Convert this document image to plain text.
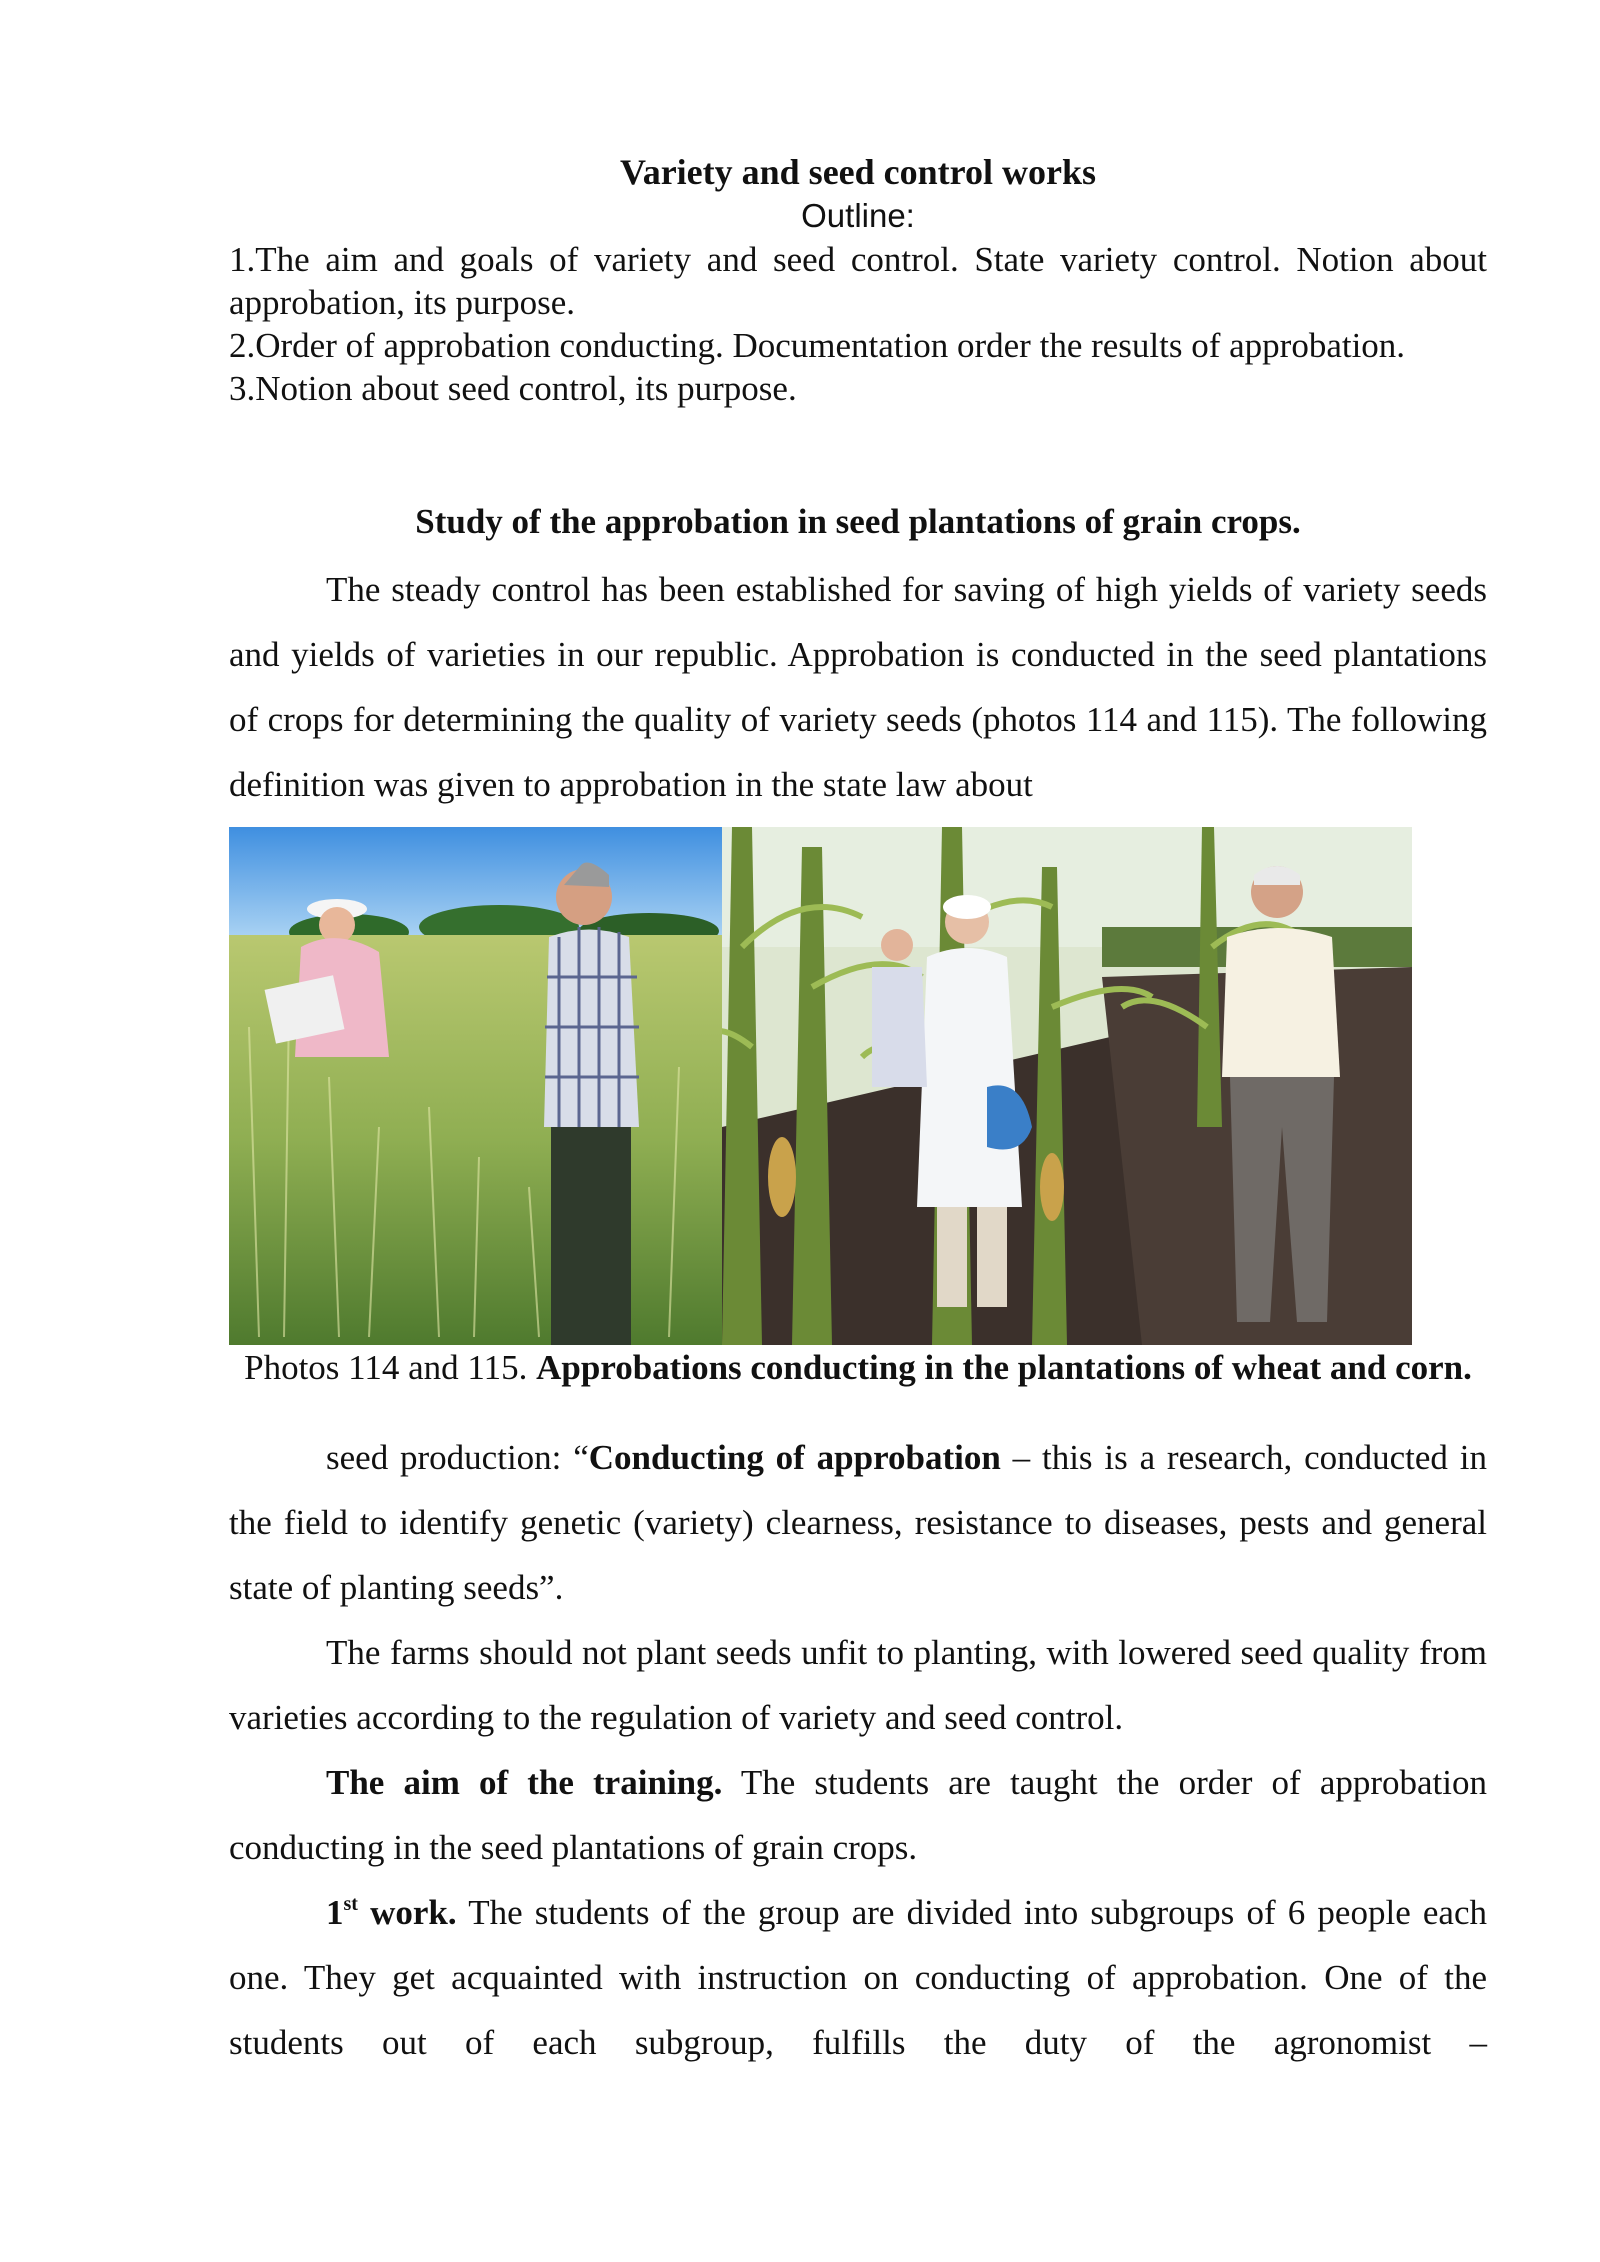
Variety and seed control works
Outline:

1.The aim and goals of variety and seed control. State variety control. Notion about approbation, its purpose.

2.Order of approbation conducting. Documentation order the results of approbation.

3.Notion about seed control, its purpose.

Study of the approbation in seed plantations of grain crops.

The steady control has been established for saving of high yields of variety seeds and yields of varieties in our republic. Approbation is conducted in the seed plantations of crops for determining the quality of variety seeds (photos 114 and 115). The following definition was given to approbation in the state law about

Photos 114 and 115. Approbations conducting in the plantations of wheat and corn.

seed production: “Conducting of approbation – this is a research, conducted in the field to identify genetic (variety) clearness, resistance to diseases, pests and general state of planting seeds”.

The farms should not plant seeds unfit to planting, with lowered seed quality from varieties according to the regulation of variety and seed control.

The aim of the training. The students are taught the order of approbation conducting in the seed plantations of grain crops.

1st work. The students of the group are divided into subgroups of 6 people each one. They get acquainted with instruction on conducting of approbation. One of the students out of each subgroup, fulfills the duty of the agronomist –
